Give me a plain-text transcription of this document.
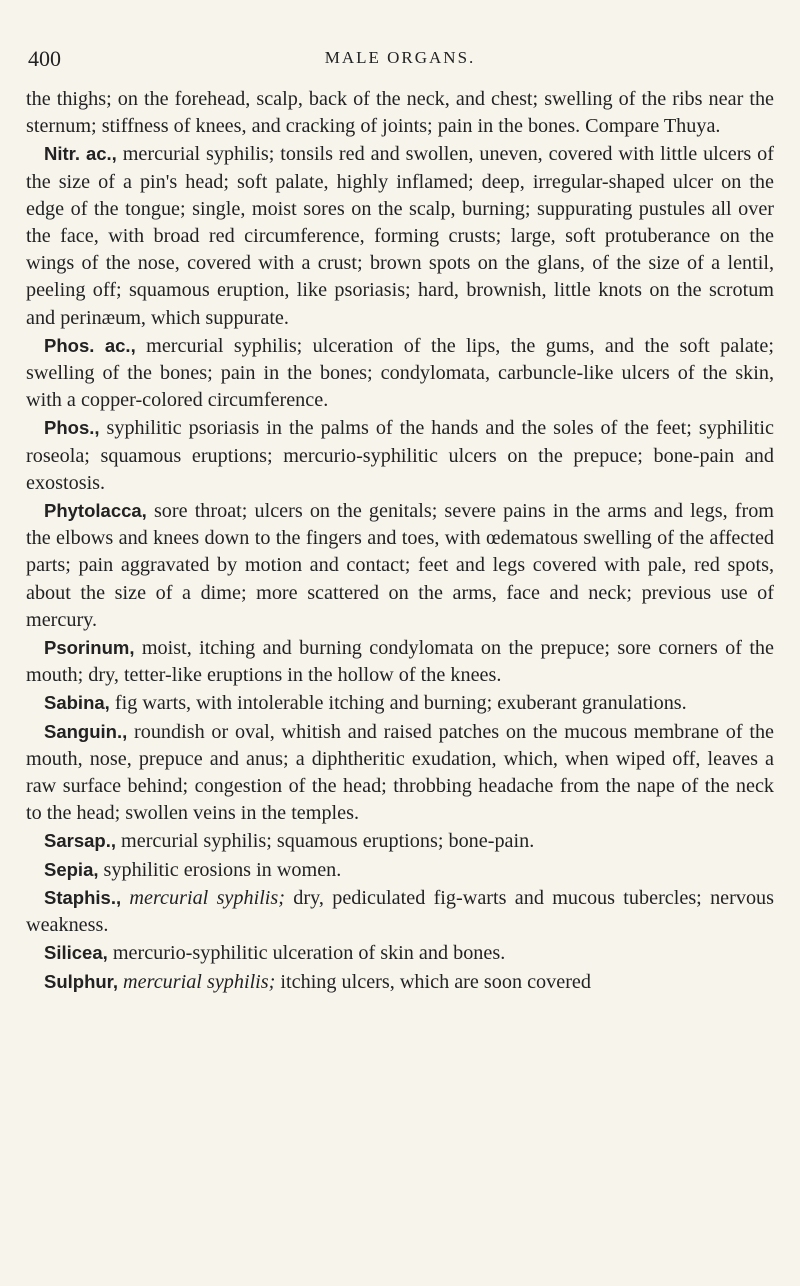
400	MALE ORGANS.

the thighs; on the forehead, scalp, back of the neck, and chest; swelling of the ribs near the sternum; stiffness of knees, and cracking of joints; pain in the bones. Compare Thuya.

Nitr. ac., mercurial syphilis; tonsils red and swollen, uneven, covered with little ulcers of the size of a pin's head; soft palate, highly inflamed; deep, irregular-shaped ulcer on the edge of the tongue; single, moist sores on the scalp, burning; suppurating pustules all over the face, with broad red circumference, forming crusts; large, soft protuberance on the wings of the nose, covered with a crust; brown spots on the glans, of the size of a lentil, peeling off; squamous eruption, like psoriasis; hard, brownish, little knots on the scrotum and perinæum, which suppurate.

Phos. ac., mercurial syphilis; ulceration of the lips, the gums, and the soft palate; swelling of the bones; pain in the bones; condylomata, carbuncle-like ulcers of the skin, with a copper-colored circumference.

Phos., syphilitic psoriasis in the palms of the hands and the soles of the feet; syphilitic roseola; squamous eruptions; mercurio-syphilitic ulcers on the prepuce; bone-pain and exostosis.

Phytolacca, sore throat; ulcers on the genitals; severe pains in the arms and legs, from the elbows and knees down to the fingers and toes, with œdematous swelling of the affected parts; pain aggravated by motion and contact; feet and legs covered with pale, red spots, about the size of a dime; more scattered on the arms, face and neck; previous use of mercury.

Psorinum, moist, itching and burning condylomata on the prepuce; sore corners of the mouth; dry, tetter-like eruptions in the hollow of the knees.

Sabina, fig warts, with intolerable itching and burning; exuberant granulations.

Sanguin., roundish or oval, whitish and raised patches on the mucous membrane of the mouth, nose, prepuce and anus; a diphtheritic exudation, which, when wiped off, leaves a raw surface behind; congestion of the head; throbbing headache from the nape of the neck to the head; swollen veins in the temples.

Sarsap., mercurial syphilis; squamous eruptions; bone-pain.

Sepia, syphilitic erosions in women.

Staphis., mercurial syphilis; dry, pediculated fig-warts and mucous tubercles; nervous weakness.

Silicea, mercurio-syphilitic ulceration of skin and bones.

Sulphur, mercurial syphilis; itching ulcers, which are soon covered
